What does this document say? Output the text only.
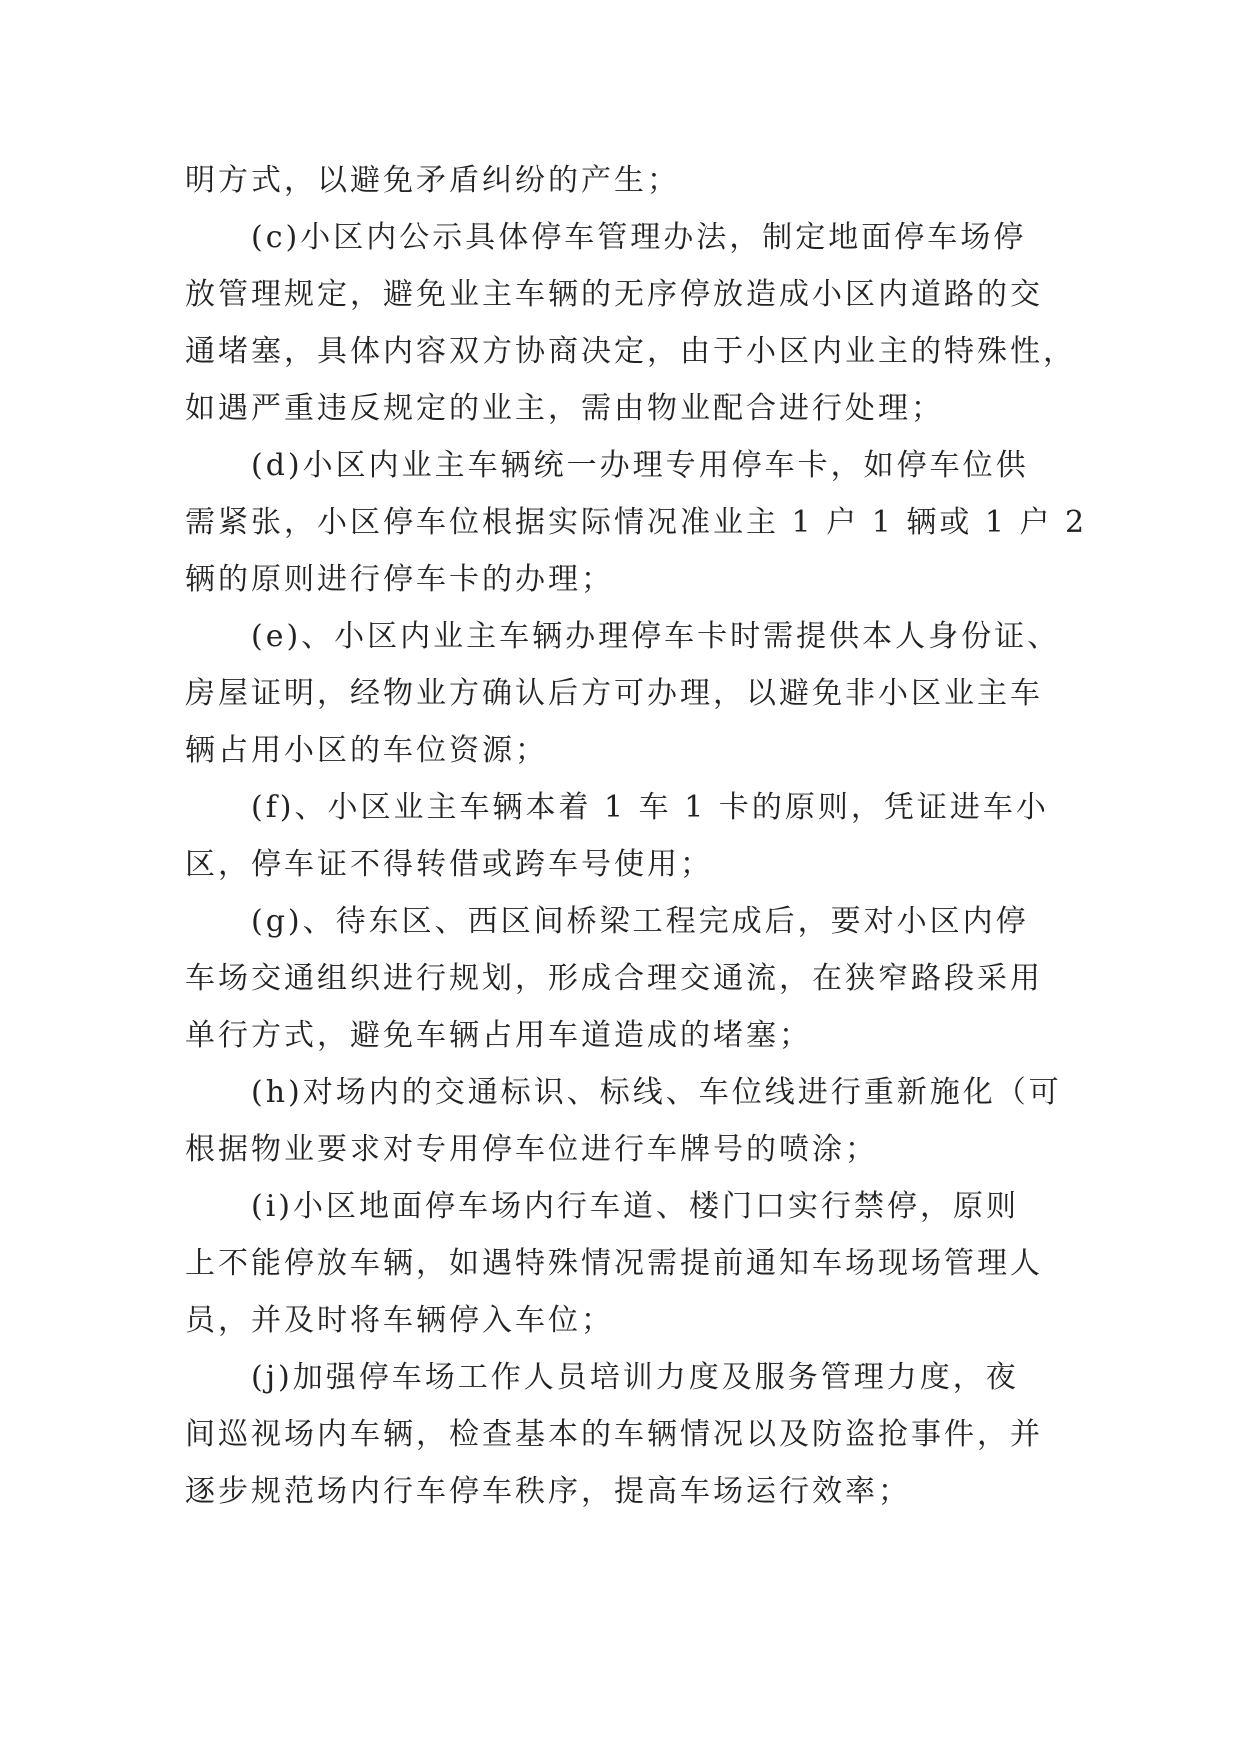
明方式，以避免矛盾纠纷的产生；
(c)小区内公示具体停车管理办法，制定地面停车场停
放管理规定，避免业主车辆的无序停放造成小区内道路的交
通堵塞，具体内容双方协商决定，由于小区内业主的特殊性，
如遇严重违反规定的业主，需由物业配合进行处理；
(d)小区内业主车辆统一办理专用停车卡，如停车位供
需紧张，小区停车位根据实际情况准业主 1 户 1 辆或 1 户 2
辆的原则进行停车卡的办理；
(e)、小区内业主车辆办理停车卡时需提供本人身份证、
房屋证明，经物业方确认后方可办理，以避免非小区业主车
辆占用小区的车位资源；
(f)、小区业主车辆本着 1 车 1 卡的原则，凭证进车小
区，停车证不得转借或跨车号使用；
(g)、待东区、西区间桥梁工程完成后，要对小区内停
车场交通组织进行规划，形成合理交通流，在狭窄路段采用
单行方式，避免车辆占用车道造成的堵塞；
(h)对场内的交通标识、标线、车位线进行重新施化（可
根据物业要求对专用停车位进行车牌号的喷涂；
(i)小区地面停车场内行车道、楼门口实行禁停，原则
上不能停放车辆，如遇特殊情况需提前通知车场现场管理人
员，并及时将车辆停入车位；
(j)加强停车场工作人员培训力度及服务管理力度，夜
间巡视场内车辆，检查基本的车辆情况以及防盗抢事件，并
逐步规范场内行车停车秩序，提高车场运行效率；
